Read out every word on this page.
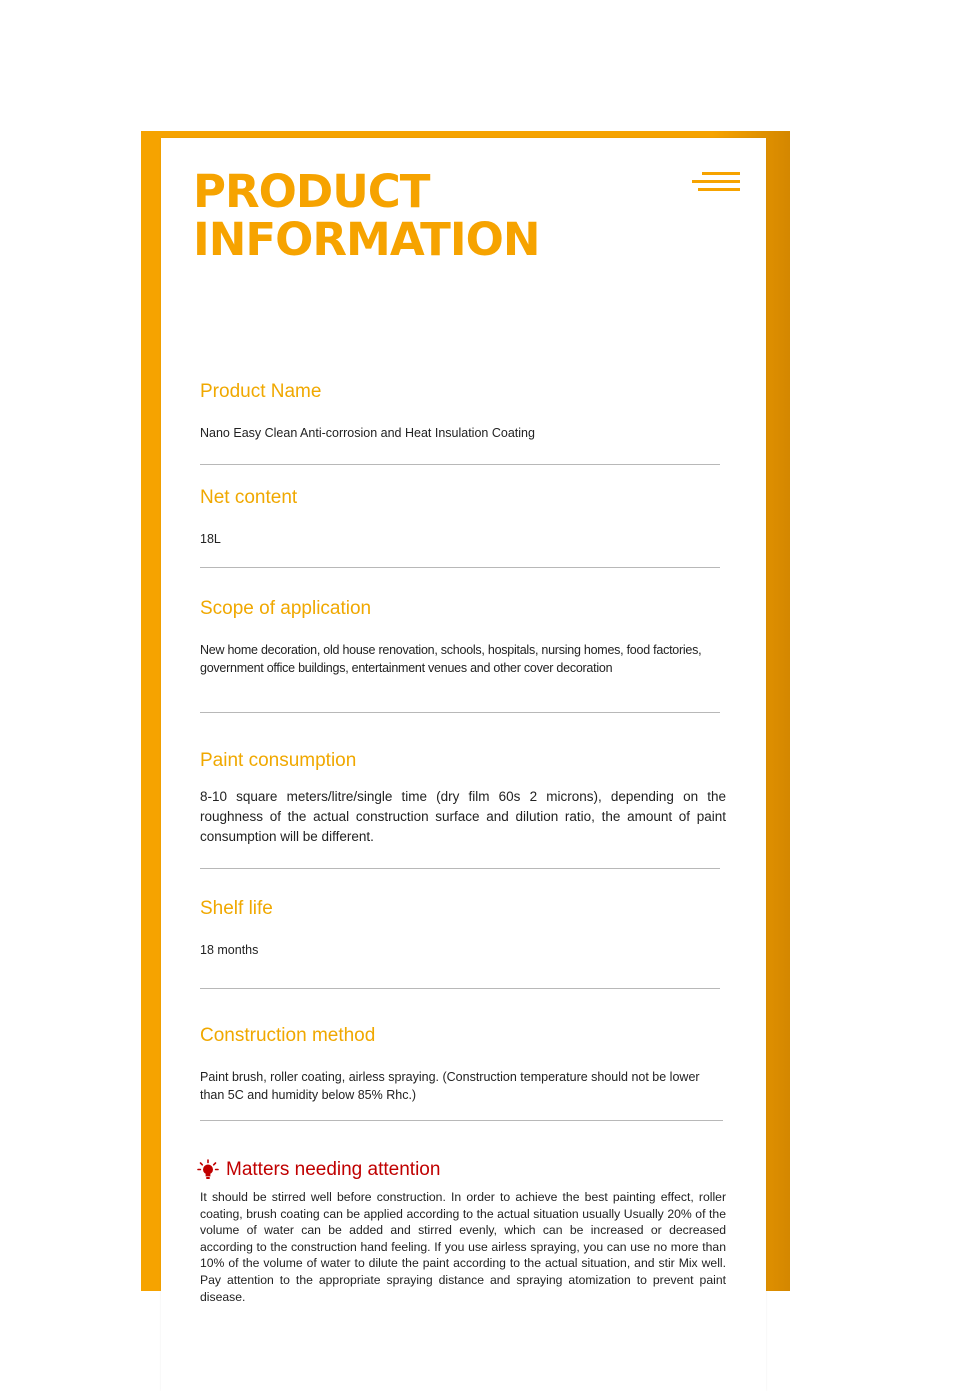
PRODUCT
INFORMATION
Product Name

Nano Easy Clean Anti-corrosion and Heat Insulation Coating

Net content

18L

Scope of application

New home decoration, old house renovation, schools, hospitals, nursing homes, food factories, government office buildings, entertainment venues and other cover decoration

Paint consumption

8-10 square meters/litre/single time (dry film 60s 2 microns), depending on the roughness of the actual construction surface and dilution ratio, the amount of paint consumption will be different.

Shelf life

18 months

Construction method

Paint brush, roller coating, airless spraying. (Construction temperature should not be lower than 5C and humidity below 85% Rhc.)

Matters needing attention

It should be stirred well before construction. In order to achieve the best painting effect, roller coating, brush coating can be applied according to the actual situation usually Usually 20% of the volume of water can be added and stirred evenly, which can be increased or decreased according to the construction hand feeling. If you use airless spraying, you can use no more than 10% of the volume of water to dilute the paint according to the actual situation, and stir Mix well. Pay attention to the appropriate spraying distance and spraying atomization to prevent paint disease.
